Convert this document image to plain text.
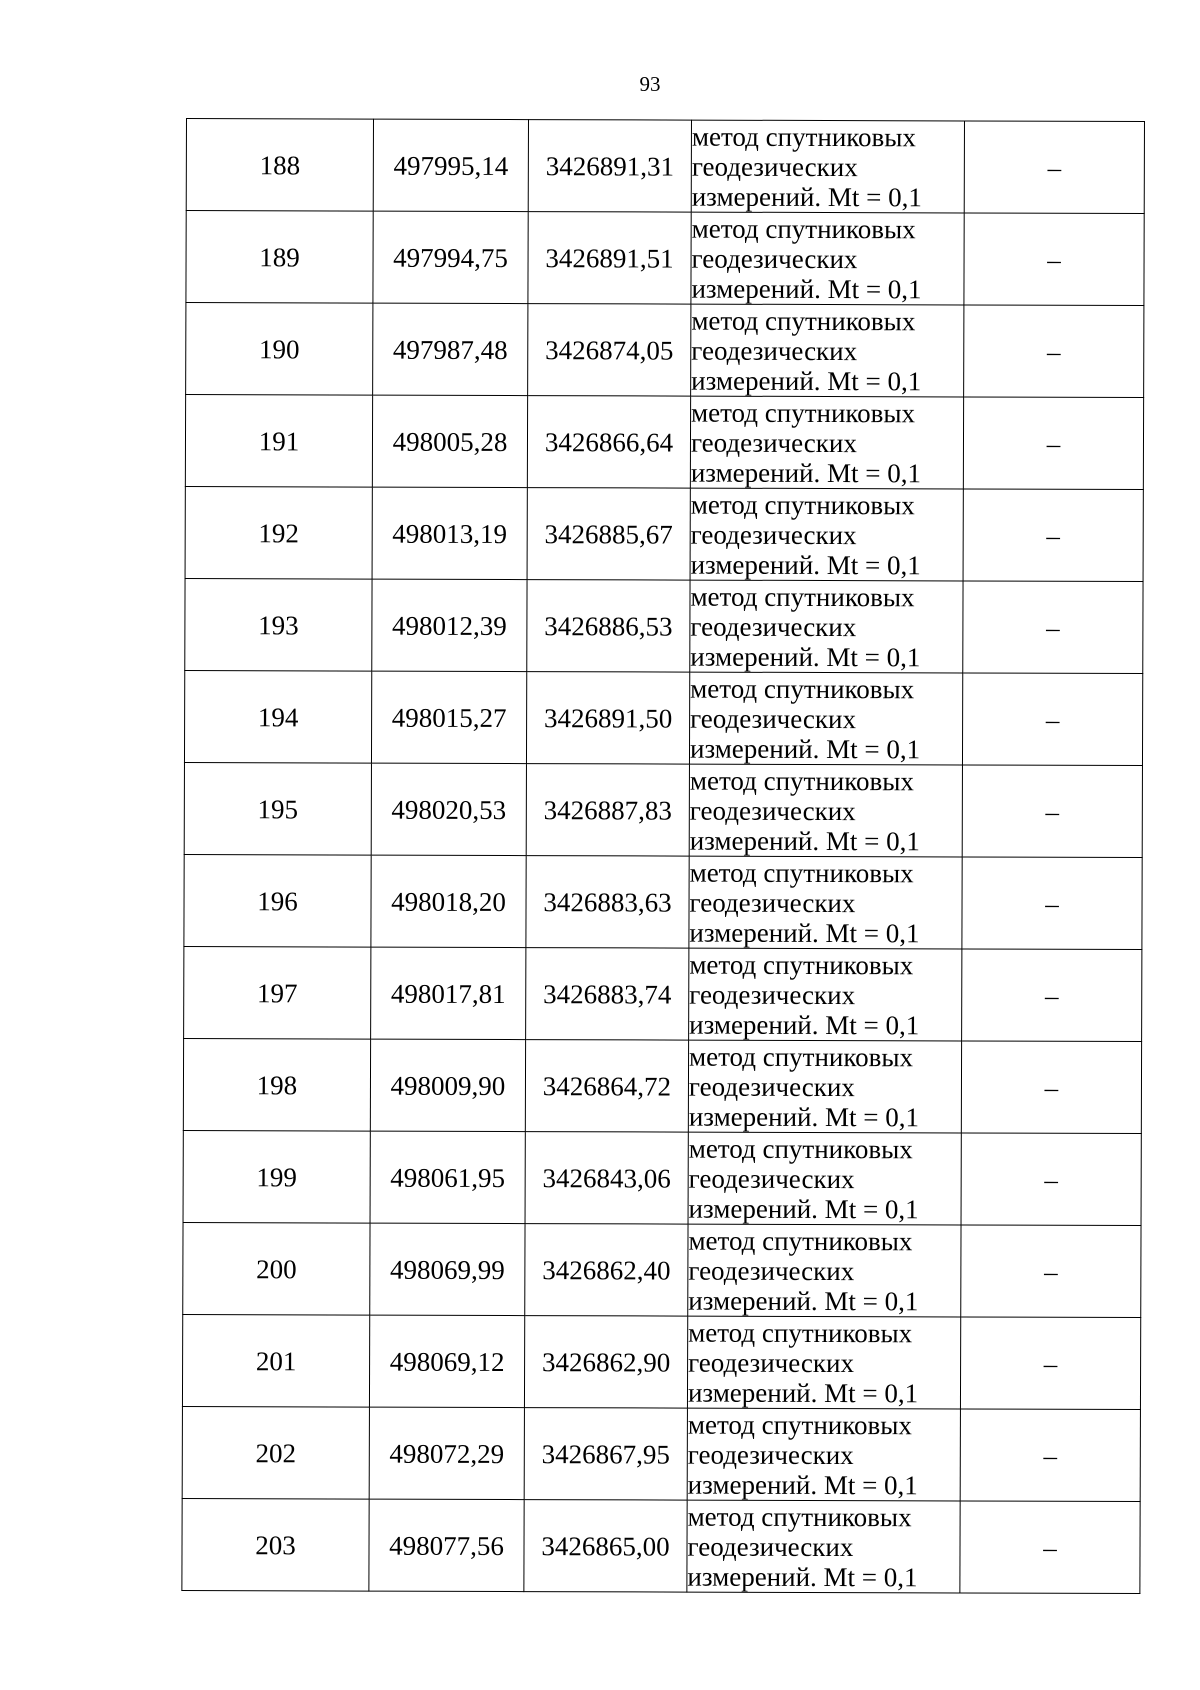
93
188	497995,14	3426891,31	метод спутниковых
геодезических
измерений. Mt = 0,1	–
189	497994,75	3426891,51	метод спутниковых
геодезических
измерений. Mt = 0,1	–
190	497987,48	3426874,05	метод спутниковых
геодезических
измерений. Mt = 0,1	–
191	498005,28	3426866,64	метод спутниковых
геодезических
измерений. Mt = 0,1	–
192	498013,19	3426885,67	метод спутниковых
геодезических
измерений. Mt = 0,1	–
193	498012,39	3426886,53	метод спутниковых
геодезических
измерений. Mt = 0,1	–
194	498015,27	3426891,50	метод спутниковых
геодезических
измерений. Mt = 0,1	–
195	498020,53	3426887,83	метод спутниковых
геодезических
измерений. Mt = 0,1	–
196	498018,20	3426883,63	метод спутниковых
геодезических
измерений. Mt = 0,1	–
197	498017,81	3426883,74	метод спутниковых
геодезических
измерений. Mt = 0,1	–
198	498009,90	3426864,72	метод спутниковых
геодезических
измерений. Mt = 0,1	–
199	498061,95	3426843,06	метод спутниковых
геодезических
измерений. Mt = 0,1	–
200	498069,99	3426862,40	метод спутниковых
геодезических
измерений. Mt = 0,1	–
201	498069,12	3426862,90	метод спутниковых
геодезических
измерений. Mt = 0,1	–
202	498072,29	3426867,95	метод спутниковых
геодезических
измерений. Mt = 0,1	–
203	498077,56	3426865,00	метод спутниковых
геодезических
измерений. Mt = 0,1	–
